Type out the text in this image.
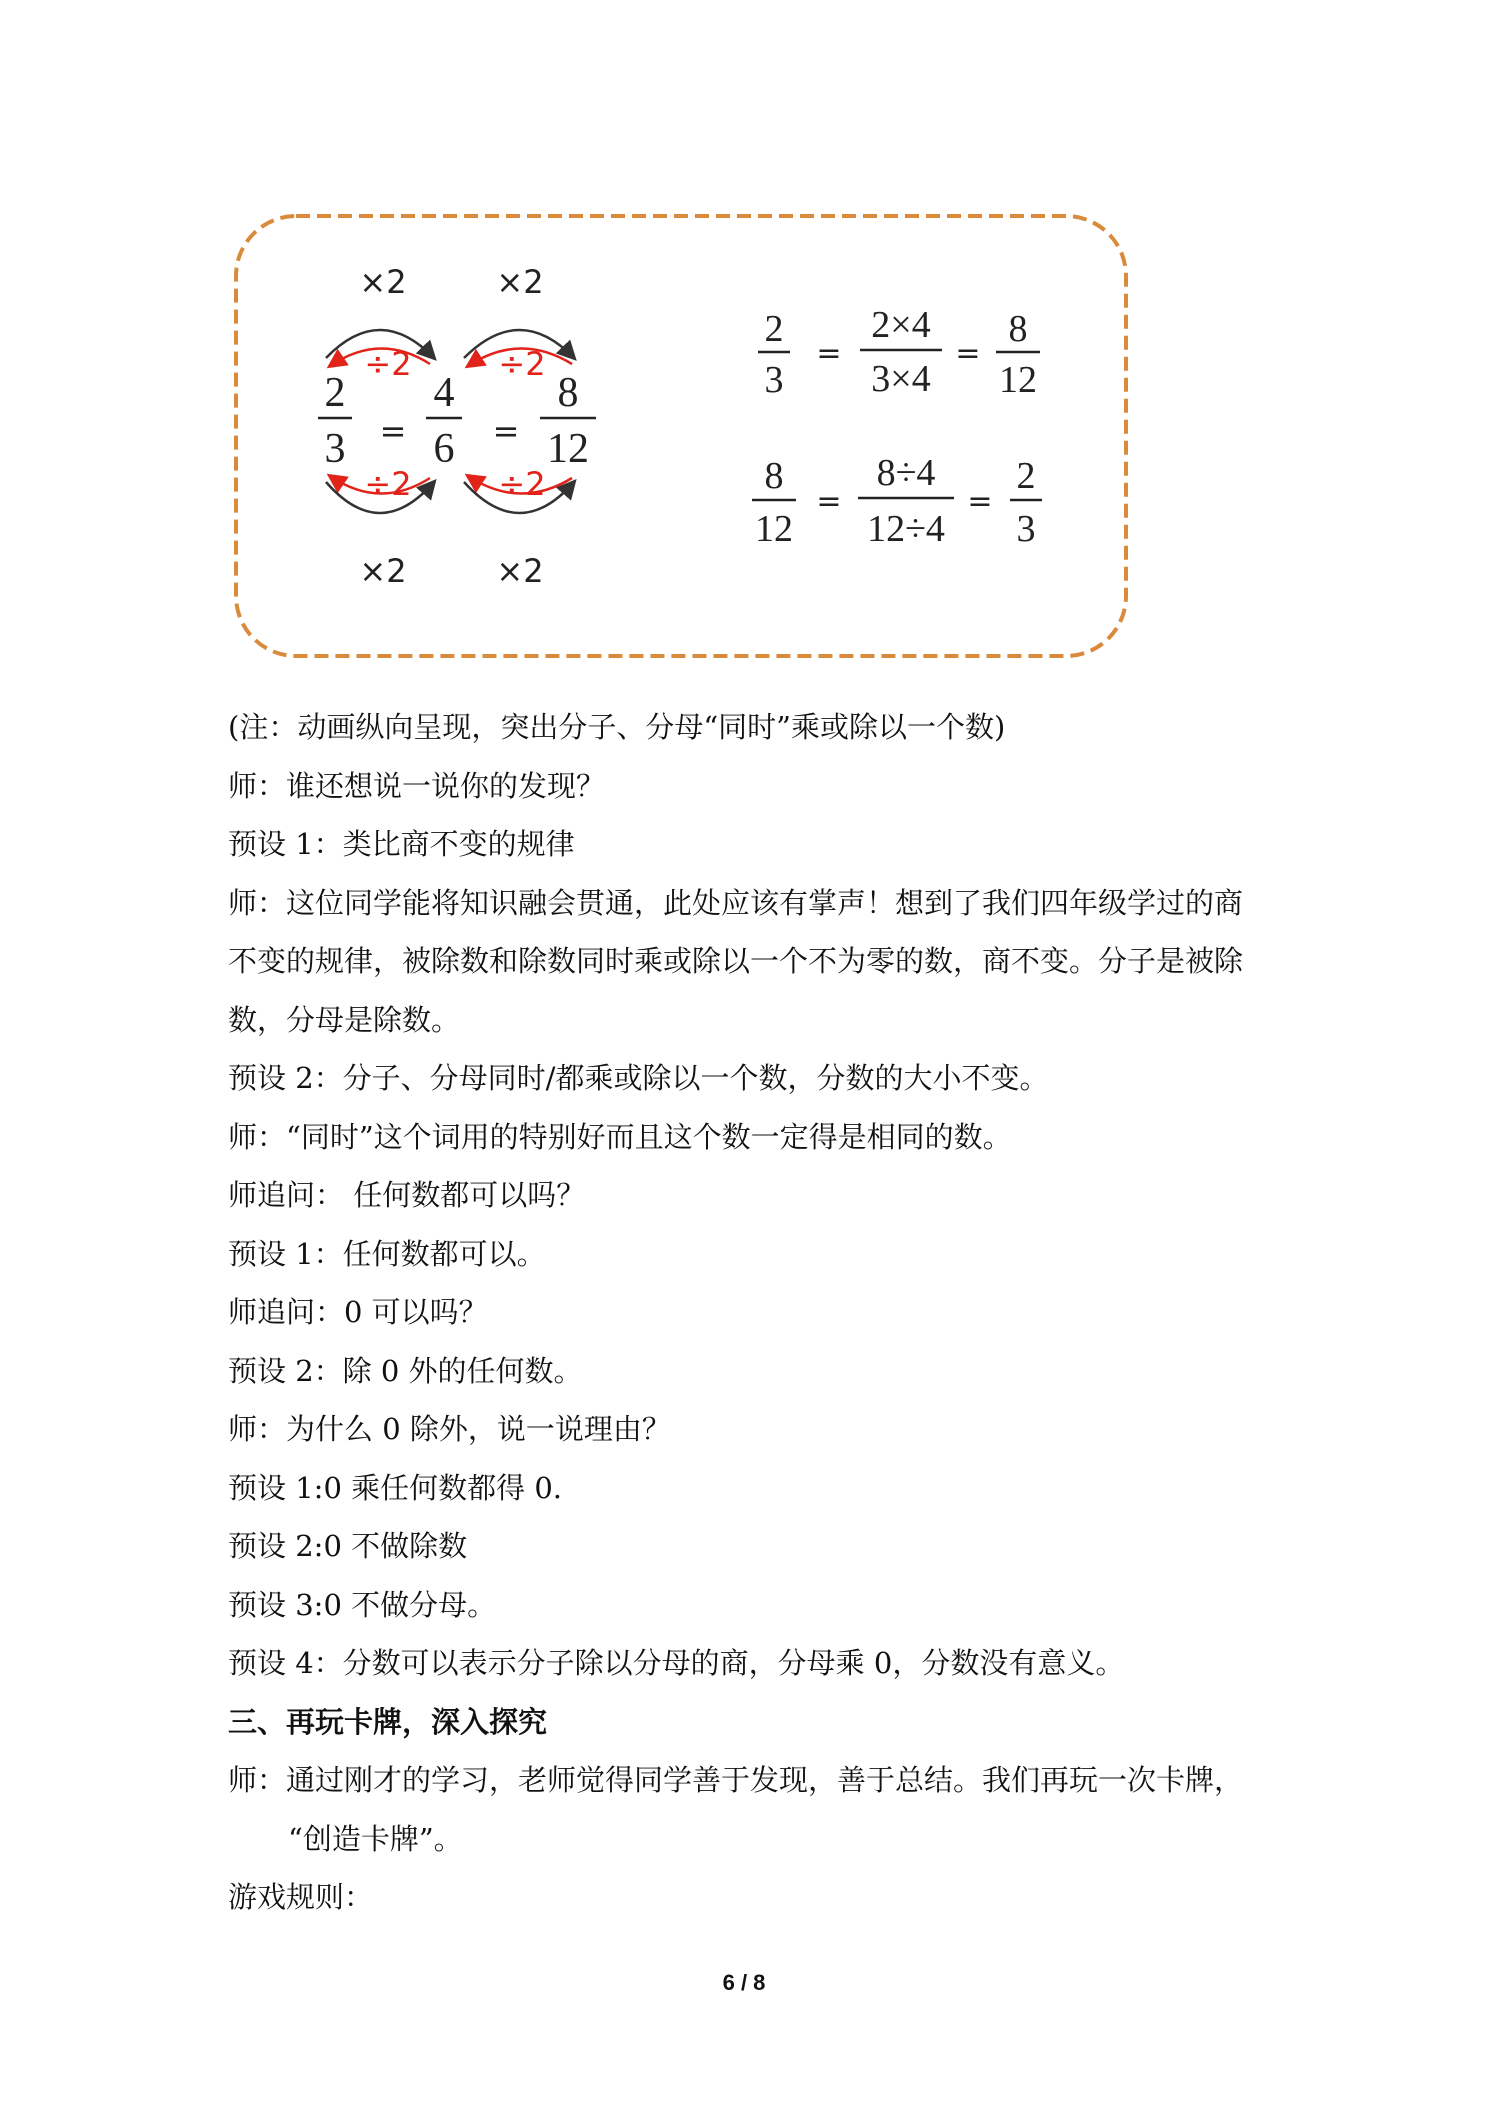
×2	×2
÷2	÷2
2
3 =
4
6 =
8
12
÷2	÷2
×2	×2
2
3
=
2×4
3×4
=
8
12
8
12
=
8÷4
12÷4
=
2
3
(注：动画纵向呈现，突出分子、分母“同时”乘或除以一个数)
师：谁还想说一说你的发现？
预设 1：类比商不变的规律
师：这位同学能将知识融会贯通，此处应该有掌声！想到了我们四年级学过的商
不变的规律，被除数和除数同时乘或除以一个不为零的数，商不变。分子是被除
数，分母是除数。
预设 2：分子、分母同时/都乘或除以一个数，分数的大小不变。
师：“同时”这个词用的特别好而且这个数一定得是相同的数。
师追问： 任何数都可以吗？
预设 1：任何数都可以。
师追问：0 可以吗？
预设 2：除 0 外的任何数。
师：为什么 0 除外，说一说理由？
预设 1:0 乘任何数都得 0.
预设 2:0 不做除数
预设 3:0 不做分母。
预设 4：分数可以表示分子除以分母的商，分母乘 0，分数没有意义。
三、再玩卡牌，深入探究
师：通过刚才的学习，老师觉得同学善于发现，善于总结。我们再玩一次卡牌，
“创造卡牌”。
游戏规则：
6 / 8
